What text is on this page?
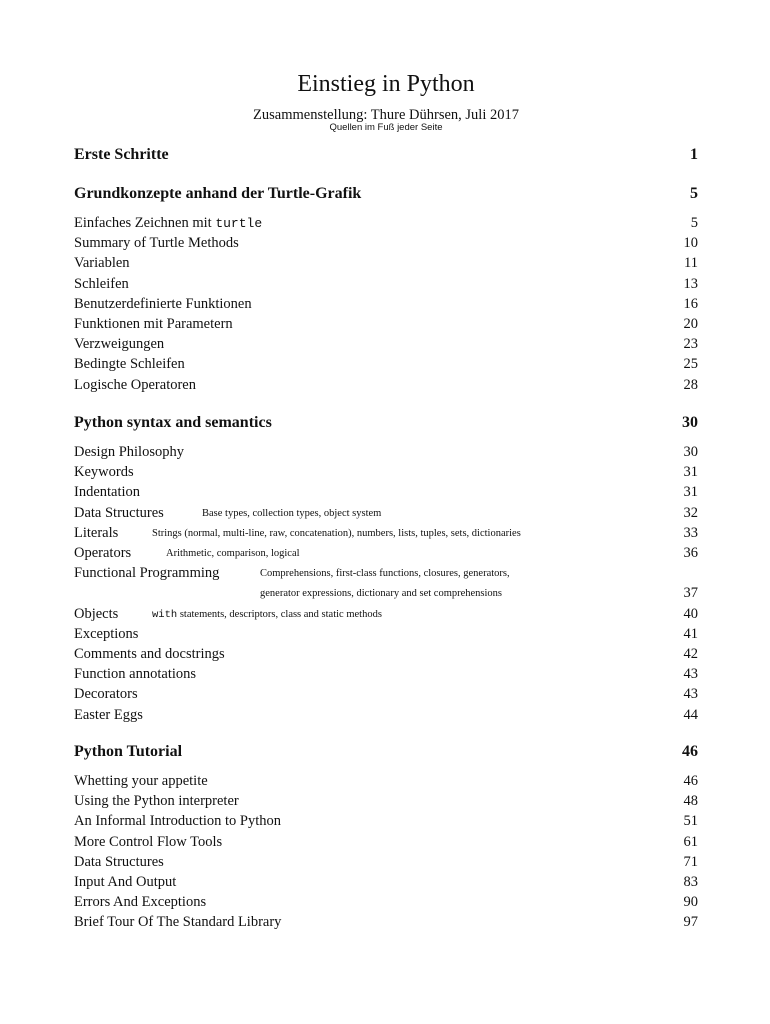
Einstieg in Python
Zusammenstellung: Thure Dührsen, Juli 2017
Quellen im Fuß jeder Seite
Erste Schritte	1
Grundkonzepte anhand der Turtle-Grafik	5
Einfaches Zeichnen mit turtle	5
Summary of Turtle Methods	10
Variablen	11
Schleifen	13
Benutzerdefinierte Funktionen	16
Funktionen mit Parametern	20
Verzweigungen	23
Bedingte Schleifen	25
Logische Operatoren	28
Python syntax and semantics	30
Design Philosophy	30
Keywords	31
Indentation	31
Data Structures	Base types, collection types, object system	32
Literals	Strings (normal, multi-line, raw, concatenation), numbers, lists, tuples, sets, dictionaries	33
Operators	Arithmetic, comparison, logical	36
Functional Programming	Comprehensions, first-class functions, closures, generators,
generator expressions, dictionary and set comprehensions	37
Objects	with statements, descriptors, class and static methods	40
Exceptions	41
Comments and docstrings	42
Function annotations	43
Decorators	43
Easter Eggs	44
Python Tutorial	46
Whetting your appetite	46
Using the Python interpreter	48
An Informal Introduction to Python	51
More Control Flow Tools	61
Data Structures	71
Input And Output	83
Errors And Exceptions	90
Brief Tour Of The Standard Library	97
